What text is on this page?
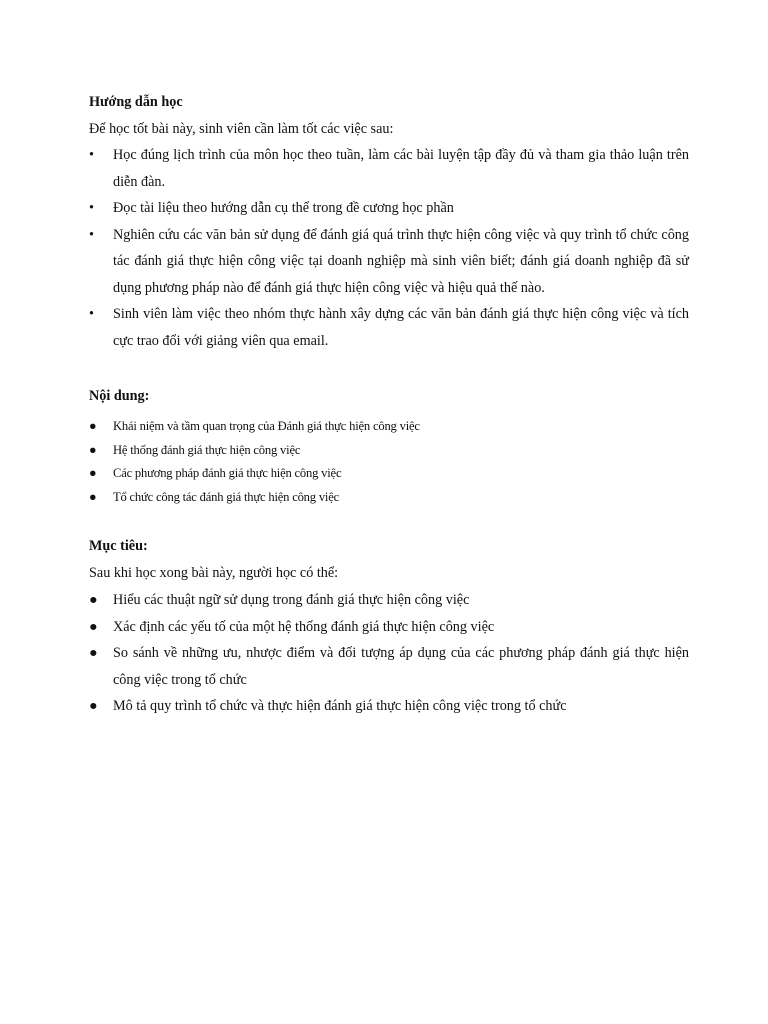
Hướng dẫn học

Để học tốt bài này, sinh viên cần làm tốt các việc sau:

• Học đúng lịch trình của môn học theo tuần, làm các bài luyện tập đầy đủ và tham gia thảo luận trên diễn đàn.
• Đọc tài liệu theo hướng dẫn cụ thể trong đề cương học phần
• Nghiên cứu các văn bản sử dụng để đánh giá quá trình thực hiện công việc và quy trình tổ chức công tác đánh giá thực hiện công việc tại doanh nghiệp mà sinh viên biết; đánh giá doanh nghiệp đã sử dụng phương pháp nào để đánh giá thực hiện công việc và hiệu quả thế nào.
• Sinh viên làm việc theo nhóm thực hành xây dựng các văn bản đánh giá thực hiện công việc và tích cực trao đổi với giảng viên qua email.

Nội dung:

● Khái niệm và tầm quan trọng của Đánh giá thực hiện công việc
● Hệ thống đánh giá thực hiện công việc
● Các phương pháp đánh giá thực hiện công việc
● Tổ chức công tác đánh giá thực hiện công việc

Mục tiêu:

Sau khi học xong bài này, người học có thể:

● Hiểu các thuật ngữ sử dụng trong đánh giá thực hiện công việc
● Xác định các yếu tố của một hệ thống đánh giá thực hiện công việc
● So sánh về những ưu, nhược điểm và đối tượng áp dụng của các phương pháp đánh giá thực hiện công việc trong tổ chức
● Mô tả quy trình tổ chức và thực hiện đánh giá thực hiện công việc trong tổ chức
